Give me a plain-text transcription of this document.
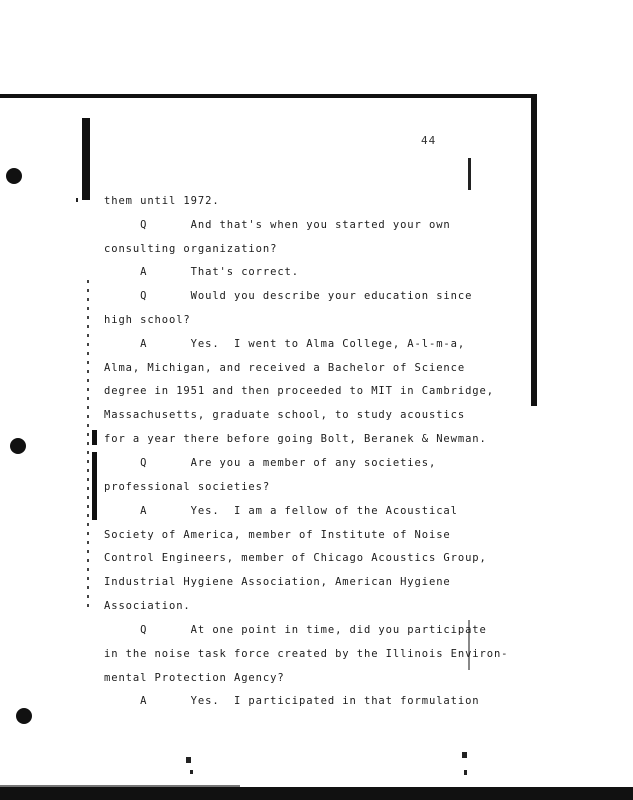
44
them until 1972.
Q      And that's when you started your own
consulting organization?
A      That's correct.
Q      Would you describe your education since
high school?
A      Yes.  I went to Alma College, A-l-m-a,
Alma, Michigan, and received a Bachelor of Science
degree in 1951 and then proceeded to MIT in Cambridge,
Massachusetts, graduate school, to study acoustics
for a year there before going Bolt, Beranek & Newman.
Q      Are you a member of any societies,
professional societies?
A      Yes.  I am a fellow of the Acoustical
Society of America, member of Institute of Noise
Control Engineers, member of Chicago Acoustics Group,
Industrial Hygiene Association, American Hygiene
Association.
Q      At one point in time, did you participate
in the noise task force created by the Illinois Environ-
mental Protection Agency?
A      Yes.  I participated in that formulation
